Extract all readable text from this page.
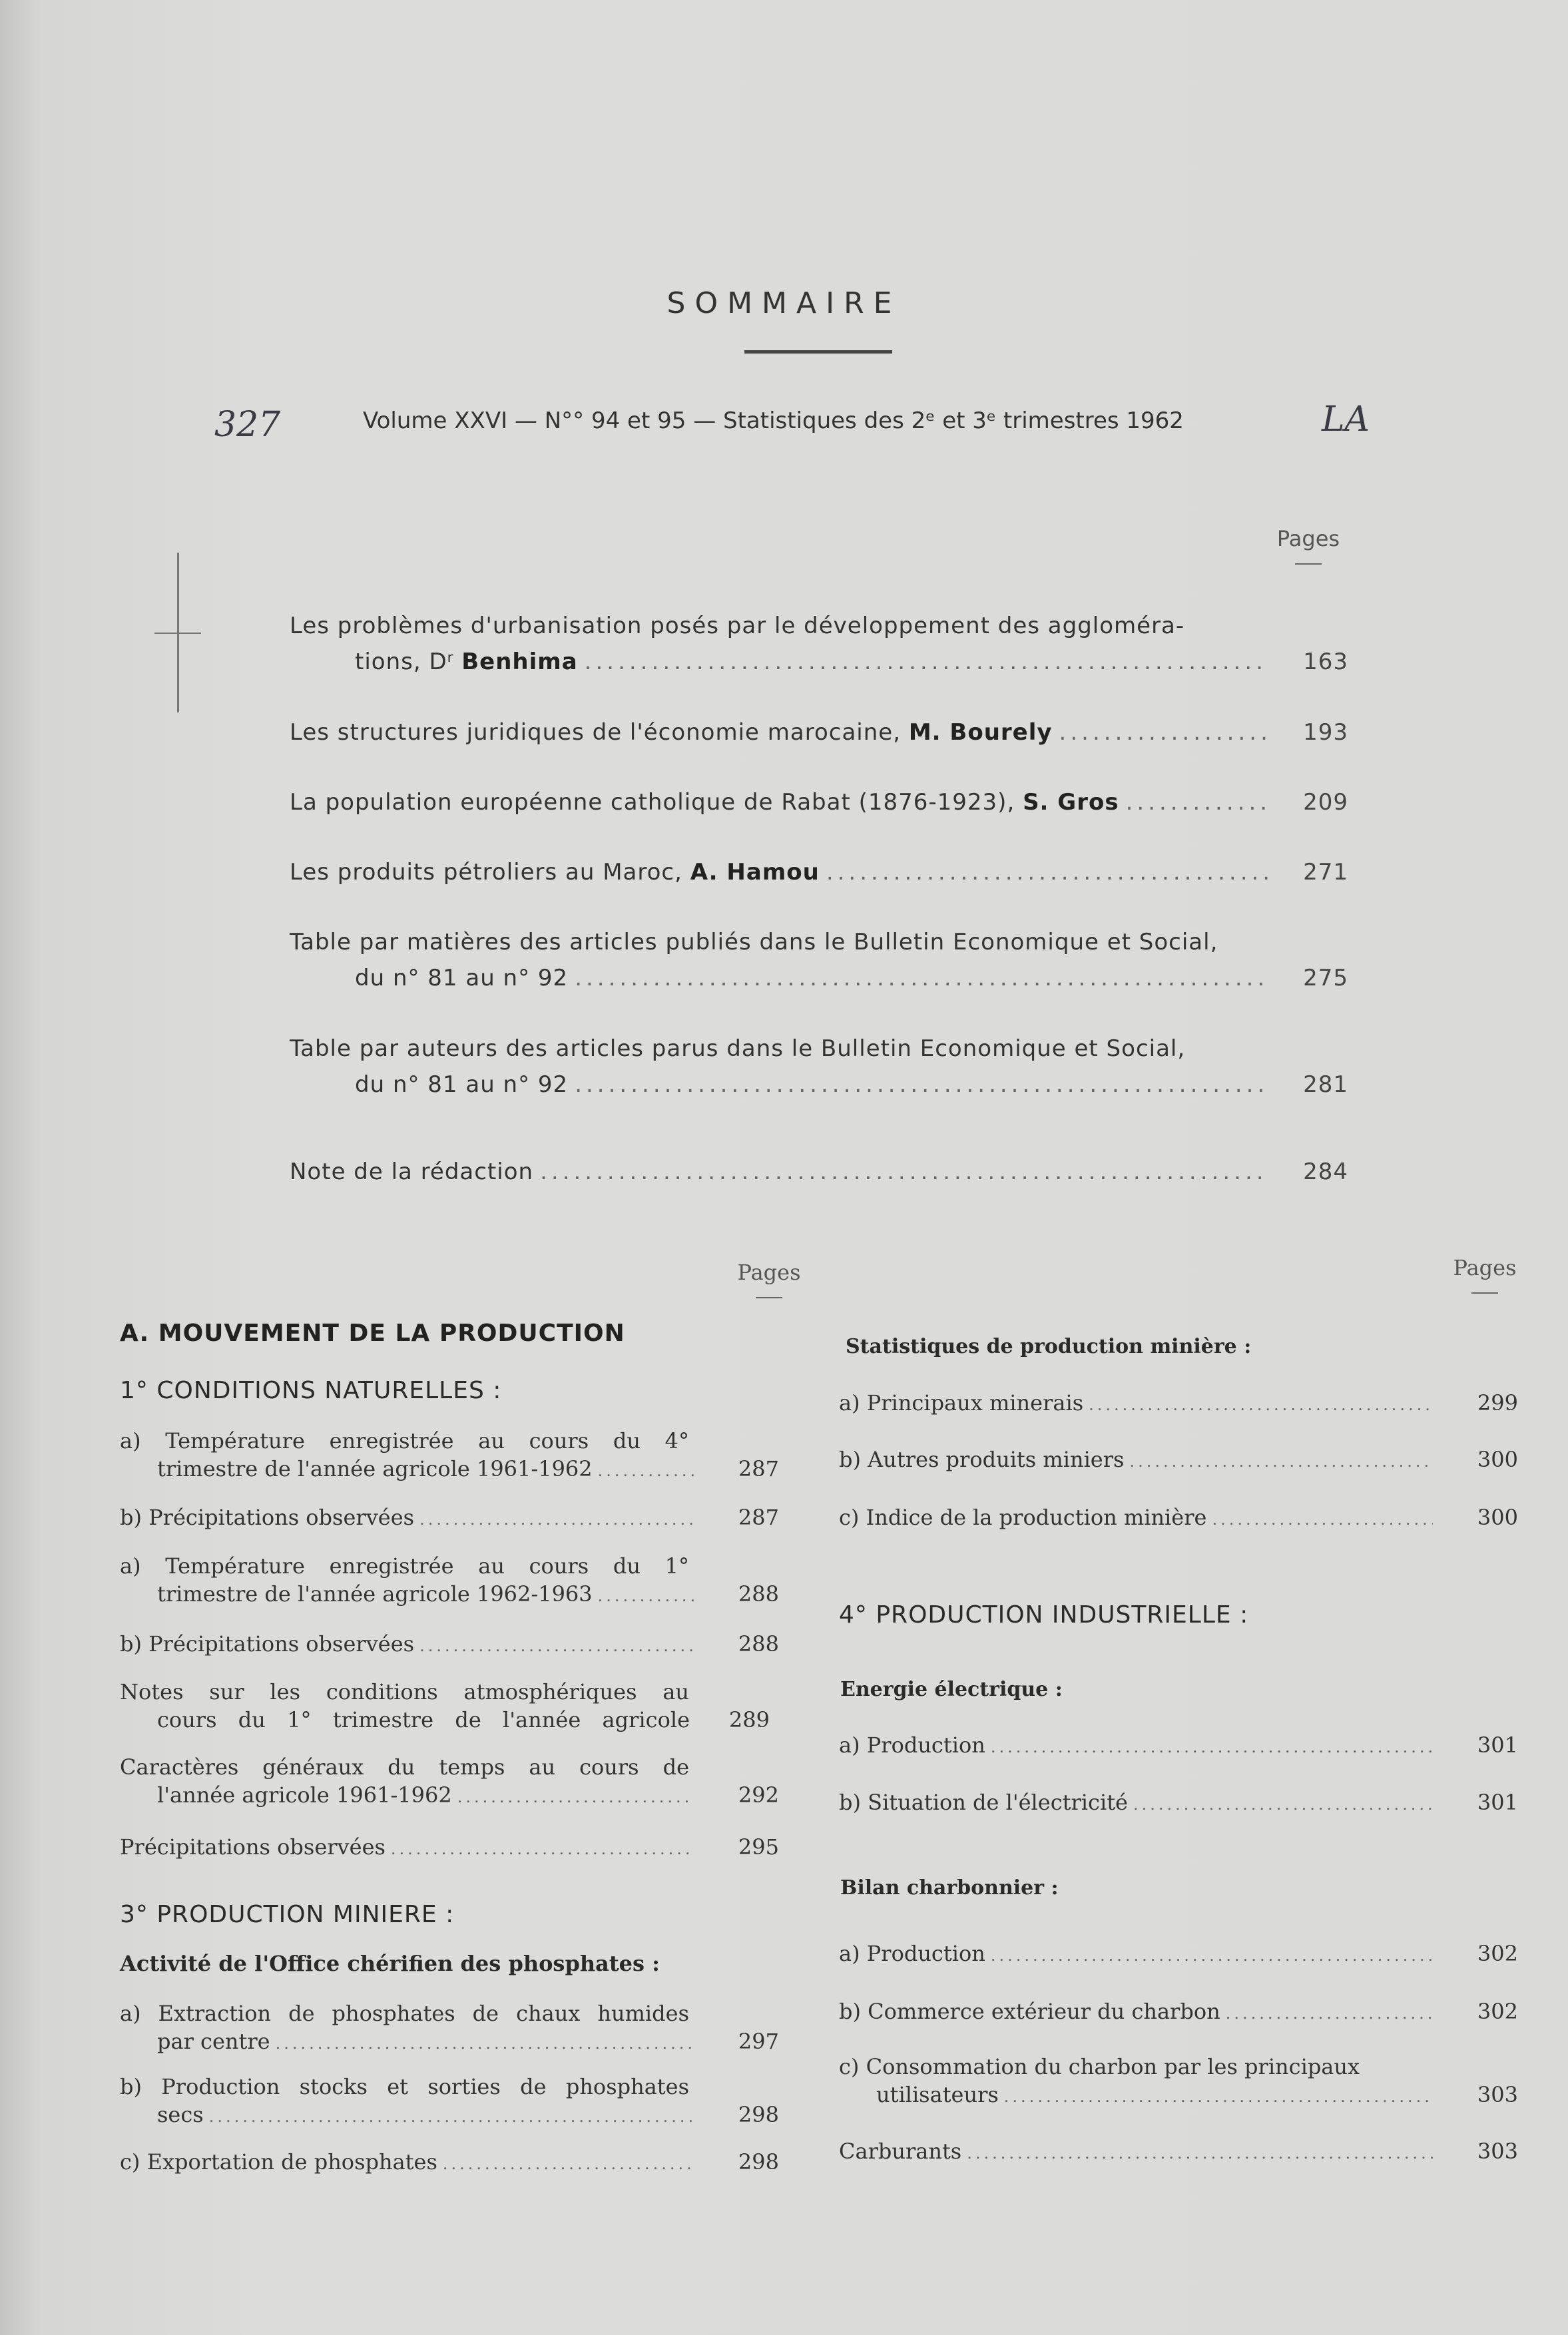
SOMMAIRE
327	Volume XXVI — N°° 94 et 95 — Statistiques des 2ᵉ et 3ᵉ trimestres 1962	LA
Pages
Les problèmes d'urbanisation posés par le développement des aggloméra-
tions, Dʳ Benhima .....	163
Les structures juridiques de l'économie marocaine, M. Bourely .....	193
La population européenne catholique de Rabat (1876-1923), S. Gros .....	209
Les produits pétroliers au Maroc, A. Hamou .....	271
Table par matières des articles publiés dans le Bulletin Economique et Social,
du n° 81 au n° 92 .....	275
Table par auteurs des articles parus dans le Bulletin Economique et Social,
du n° 81 au n° 92 .....	281
Note de la rédaction .....	284
Pages
A. MOUVEMENT DE LA PRODUCTION
1° CONDITIONS NATURELLES :
a) Température enregistrée au cours du 4°
trimestre de l'année agricole 1961-1962 .....	287
b) Précipitations observées .....	287
a) Température enregistrée au cours du 1°
trimestre de l'année agricole 1962-1963 .....	288
b) Précipitations observées .....	288
Notes sur les conditions atmosphériques au
cours du 1° trimestre de l'année agricole	289
Caractères généraux du temps au cours de
l'année agricole 1961-1962 .....	292
Précipitations observées .....	295
3° PRODUCTION MINIERE :
Activité de l'Office chérifien des phosphates :
a) Extraction de phosphates de chaux humides
par centre .....	297
b) Production stocks et sorties de phosphates
secs .....	298
c) Exportation de phosphates .....	298
Pages
Statistiques de production minière :
a) Principaux minerais .....	299
b) Autres produits miniers .....	300
c) Indice de la production minière .....	300
4° PRODUCTION INDUSTRIELLE :
Energie électrique :
a) Production .....	301
b) Situation de l'électricité .....	301
Bilan charbonnier :
a) Production .....	302
b) Commerce extérieur du charbon .....	302
c) Consommation du charbon par les principaux
utilisateurs .....	303
Carburants .....	303
